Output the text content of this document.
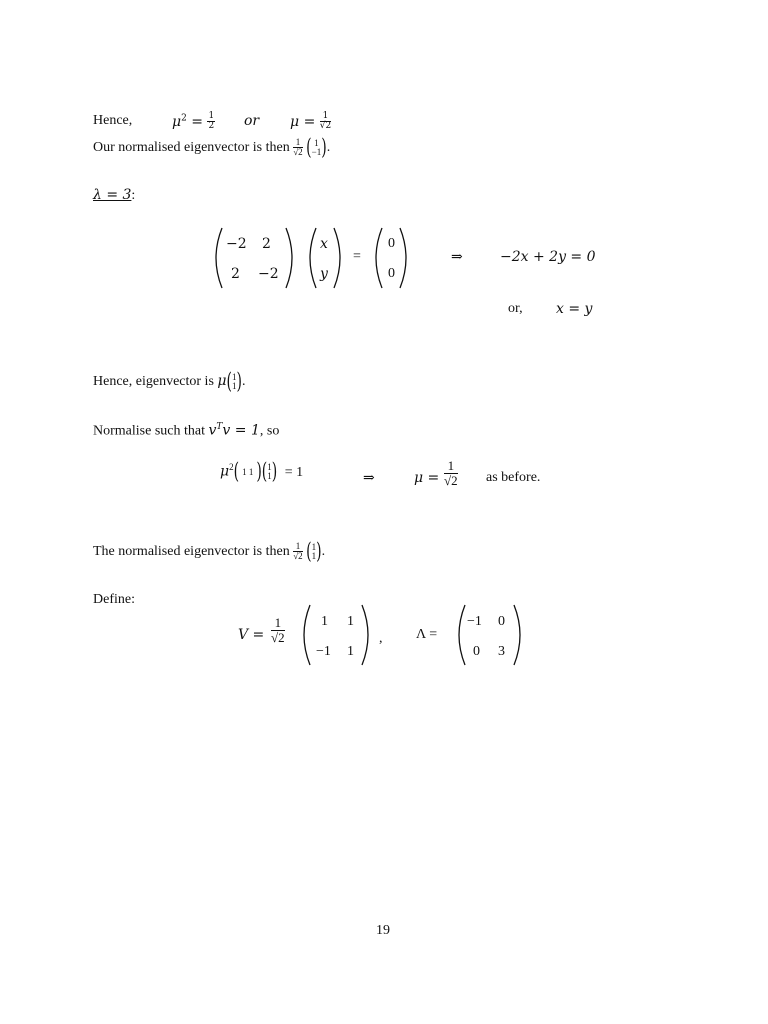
Hence,	$\mu^2 = \frac{1}{2}$ or $\mu = \frac{1}{√2}$
Our normalised eigenvector is then $\frac{1}{√2}$
( 1
−1 ) .
λ = 3:
−2 2
2 −2
x
y
=
0
0
⇒	−2x + 2y = 0
or, x = y
Hence, eigenvector is μ ( 1
1 ) .
Normalise such that $v^Tv = 1$, so
$\mu^2$ ( 1 1 ) ( 1
1 ) = 1	⇒	$\mu = \frac{1}{√2}$ as before.
The normalised eigenvector is then $\frac{1}{√2}$
( 1
1 ) .
Define:
$V = \frac{1}{√2}$	1 1
−1 1
, Λ =
−1 0
0 3
19
